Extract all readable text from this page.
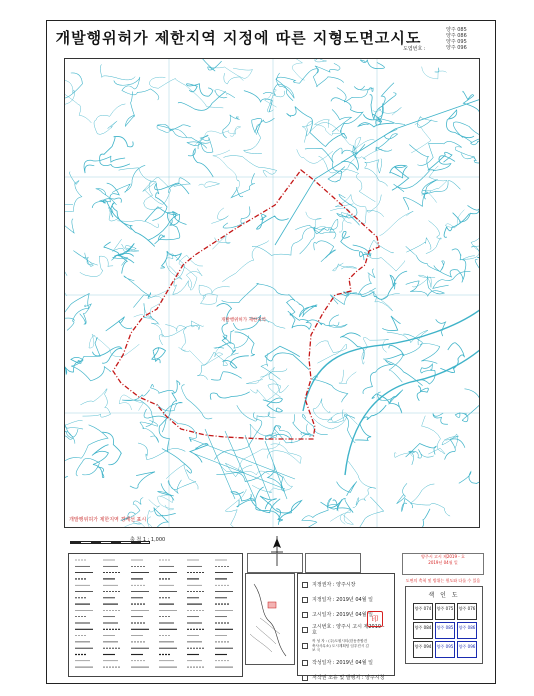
개발행위허가 제한지역 지정에 따른 지형도면고시도	양주 085
양주 086
양주 095
양주 096
도엽번호 :
개발행위허가 제한지역
개발행위허가 제한지역 경계선 표시
축 척 1 : 1,000
지정권자 : 양주시장
지정일자 : 2019년 04월 일
고시일자 : 2019년 04월 일
고시번호 : 양주시 고시 제2019 - 호
작 성 자 : (주)도원시티(한동종합건축사사무소) 도시계획팀 임우진시 김 보 국
작성일자 : 2019년 04월 일
저작권 소유 및 발행처 : 양주시청
印
양주시 고시 제2019 - 호
2019년 04월 일
도면의 축척 및 방위는 원도와 다를 수 있음
색 인 도
양주 074	양주 075	양주 076
양주 084	양주 085	양주 086
양주 094	양주 095	양주 096
